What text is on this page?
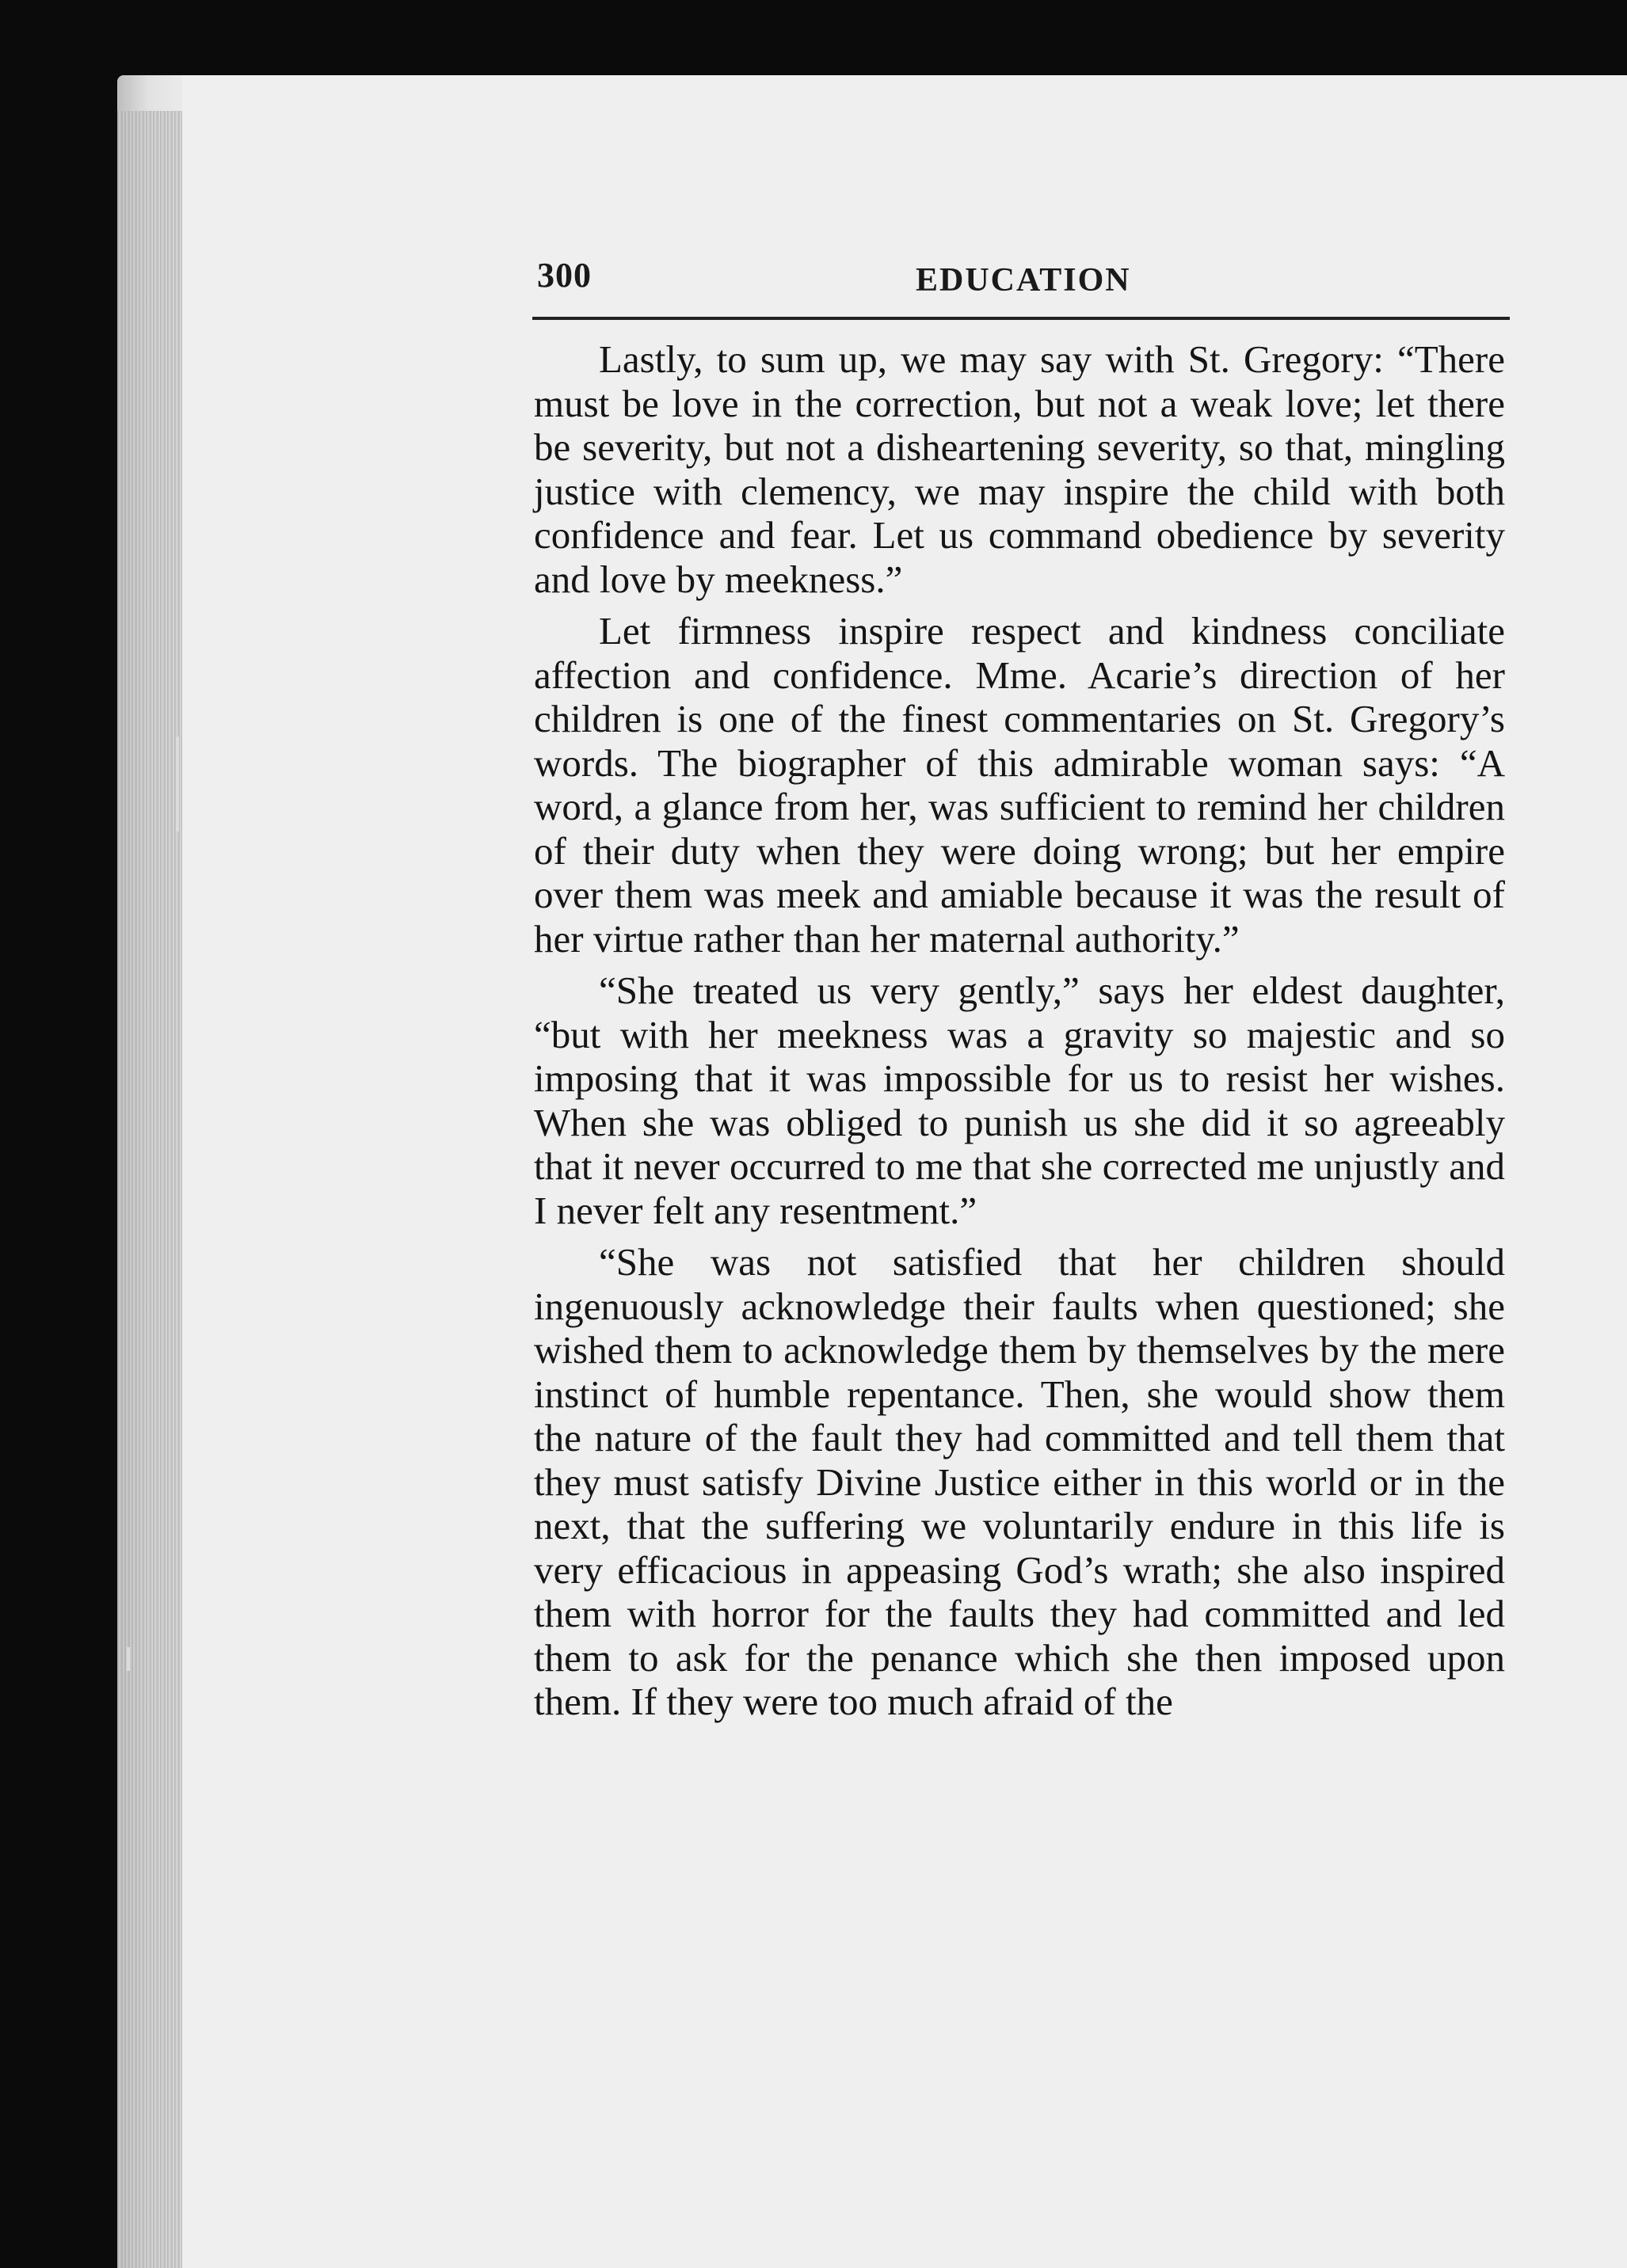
300	EDUCATION

Lastly, to sum up, we may say with St. Gregory: “There must be love in the correction, but not a weak love; let there be severity, but not a disheartening severity, so that, mingling justice with clemency, we may inspire the child with both confidence and fear. Let us command obedience by severity and love by meekness.”

Let firmness inspire respect and kindness conciliate affection and confidence. Mme. Acarie’s direction of her children is one of the finest commentaries on St. Gregory’s words. The biographer of this admirable woman says: “A word, a glance from her, was sufficient to remind her children of their duty when they were doing wrong; but her empire over them was meek and amiable because it was the result of her virtue rather than her maternal authority.”

“She treated us very gently,” says her eldest daughter, “but with her meekness was a gravity so majestic and so imposing that it was impossible for us to resist her wishes. When she was obliged to punish us she did it so agreeably that it never occurred to me that she corrected me unjustly and I never felt any resentment.”

“She was not satisfied that her children should ingenuously acknowledge their faults when questioned; she wished them to acknowledge them by themselves by the mere instinct of humble repentance. Then, she would show them the nature of the fault they had committed and tell them that they must satisfy Divine Justice either in this world or in the next, that the suffering we voluntarily endure in this life is very efficacious in appeasing God’s wrath; she also inspired them with horror for the faults they had committed and led them to ask for the penance which she then imposed upon them. If they were too much afraid of the
